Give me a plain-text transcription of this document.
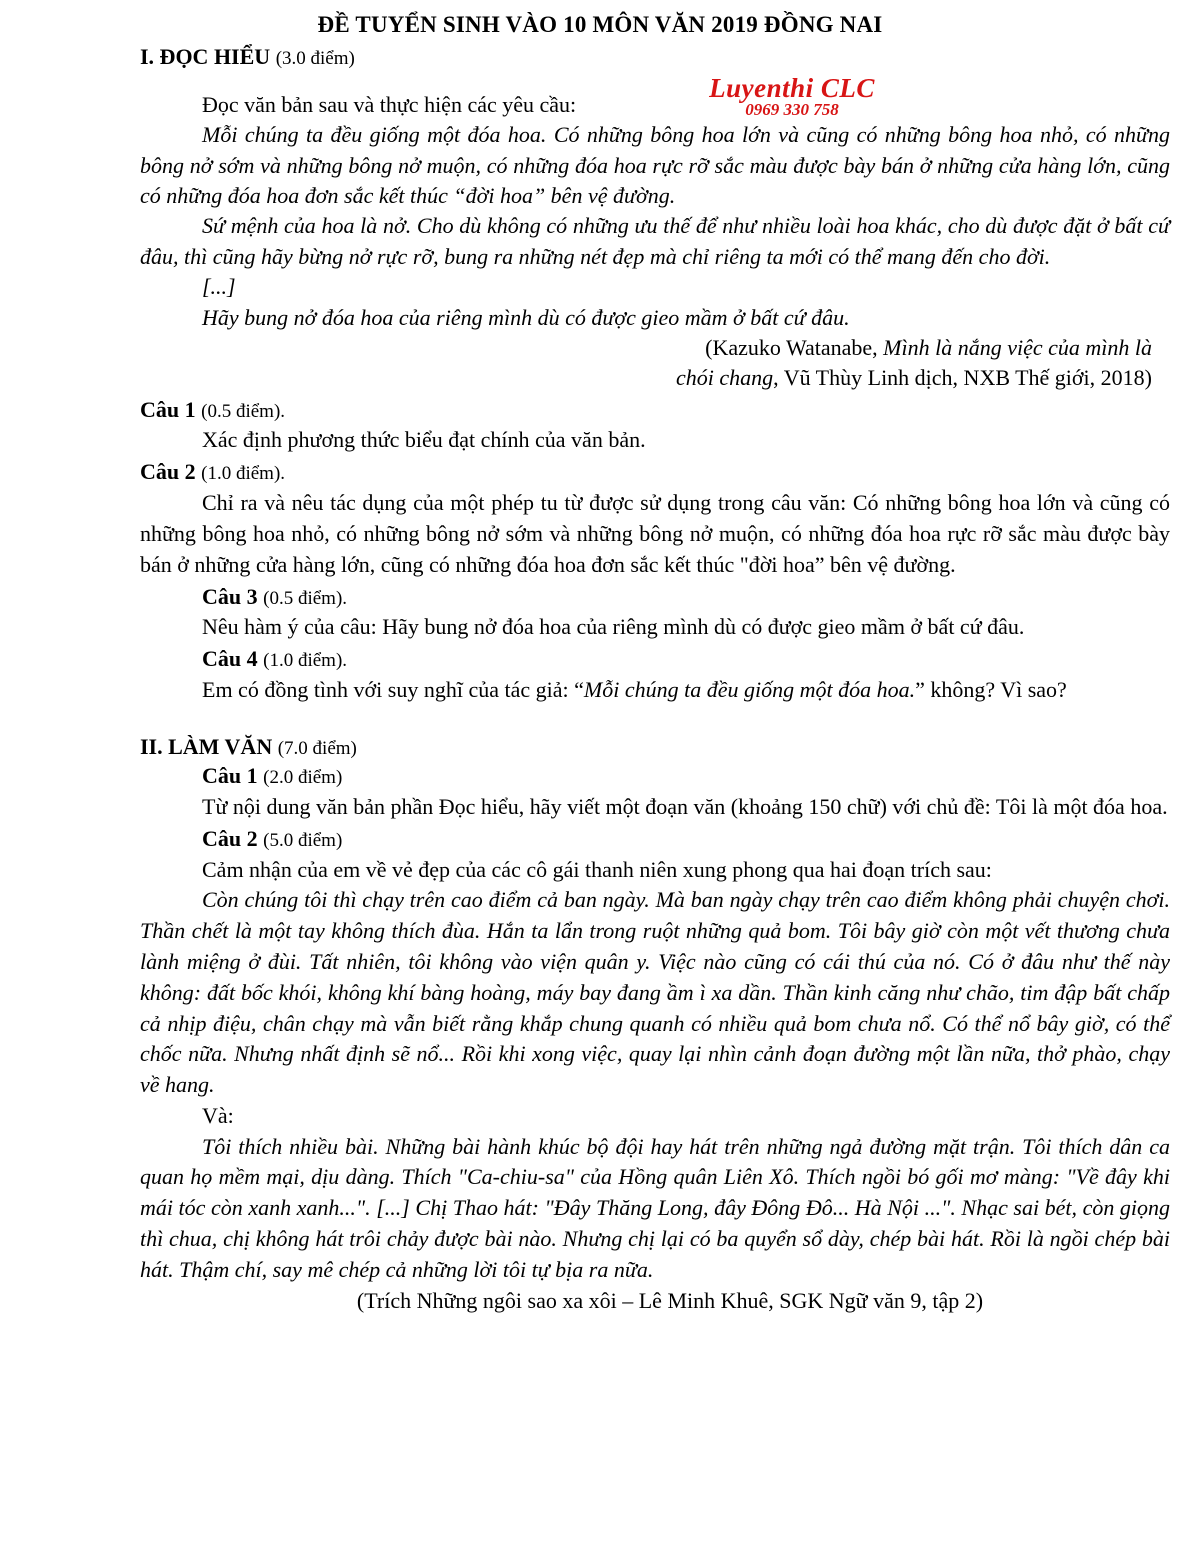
ĐỀ TUYỂN SINH VÀO 10 MÔN VĂN 2019 ĐỒNG NAI
Luyenthi CLC
0969 330 758
I. ĐỌC HIỂU (3.0 điểm)
Đọc văn bản sau và thực hiện các yêu cầu:
Mỗi chúng ta đều giống một đóa hoa. Có những bông hoa lớn và cũng có những bông hoa nhỏ, có những bông nở sớm và những bông nở muộn, có những đóa hoa rực rỡ sắc màu được bày bán ở những cửa hàng lớn, cũng có những đóa hoa đơn sắc kết thúc “đời hoa” bên vệ đường.
Sứ mệnh của hoa là nở. Cho dù không có những ưu thế để như nhiều loài hoa khác, cho dù được đặt ở bất cứ đâu, thì cũng hãy bừng nở rực rỡ, bung ra những nét đẹp mà chỉ riêng ta mới có thể mang đến cho đời.
[...]
Hãy bung nở đóa hoa của riêng mình dù có được gieo mầm ở bất cứ đâu.
(Kazuko Watanabe, Mình là nắng việc của mình là
chói chang, Vũ Thùy Linh dịch, NXB Thế giới, 2018)
Câu 1 (0.5 điểm).
Xác định phương thức biểu đạt chính của văn bản.
Câu 2 (1.0 điểm).
Chỉ ra và nêu tác dụng của một phép tu từ được sử dụng trong câu văn: Có những bông hoa lớn và cũng có những bông hoa nhỏ, có những bông nở sớm và những bông nở muộn, có những đóa hoa rực rỡ sắc màu được bày bán ở những cửa hàng lớn, cũng có những đóa hoa đơn sắc kết thúc "đời hoa” bên vệ đường.
Câu 3 (0.5 điểm).
Nêu hàm ý của câu: Hãy bung nở đóa hoa của riêng mình dù có được gieo mầm ở bất cứ đâu.
Câu 4 (1.0 điểm).
Em có đồng tình với suy nghĩ của tác giả: “Mỗi chúng ta đều giống một đóa hoa.” không? Vì sao?
II. LÀM VĂN (7.0 điểm)
Câu 1 (2.0 điểm)
Từ nội dung văn bản phần Đọc hiểu, hãy viết một đoạn văn (khoảng 150 chữ) với chủ đề: Tôi là một đóa hoa.
Câu 2 (5.0 điểm)
Cảm nhận của em về vẻ đẹp của các cô gái thanh niên xung phong qua hai đoạn trích sau:
Còn chúng tôi thì chạy trên cao điểm cả ban ngày. Mà ban ngày chạy trên cao điểm không phải chuyện chơi. Thần chết là một tay không thích đùa. Hắn ta lẩn trong ruột những quả bom. Tôi bây giờ còn một vết thương chưa lành miệng ở đùi. Tất nhiên, tôi không vào viện quân y. Việc nào cũng có cái thú của nó. Có ở đâu như thế này không: đất bốc khói, không khí bàng hoàng, máy bay đang ầm ì xa dần. Thần kinh căng như chão, tim đập bất chấp cả nhịp điệu, chân chạy mà vẫn biết rằng khắp chung quanh có nhiều quả bom chưa nổ. Có thể nổ bây giờ, có thể chốc nữa. Nhưng nhất định sẽ nổ... Rồi khi xong việc, quay lại nhìn cảnh đoạn đường một lần nữa, thở phào, chạy về hang.
Và:
Tôi thích nhiều bài. Những bài hành khúc bộ đội hay hát trên những ngả đường mặt trận. Tôi thích dân ca quan họ mềm mại, dịu dàng. Thích "Ca-chiu-sa" của Hồng quân Liên Xô. Thích ngồi bó gối mơ màng: "Về đây khi mái tóc còn xanh xanh...". [...] Chị Thao hát: "Đây Thăng Long, đây Đông Đô... Hà Nội ...". Nhạc sai bét, còn giọng thì chua, chị không hát trôi chảy được bài nào. Nhưng chị lại có ba quyển sổ dày, chép bài hát. Rồi là ngồi chép bài hát. Thậm chí, say mê chép cả những lời tôi tự bịa ra nữa.
(Trích Những ngôi sao xa xôi – Lê Minh Khuê, SGK Ngữ văn 9, tập 2)
